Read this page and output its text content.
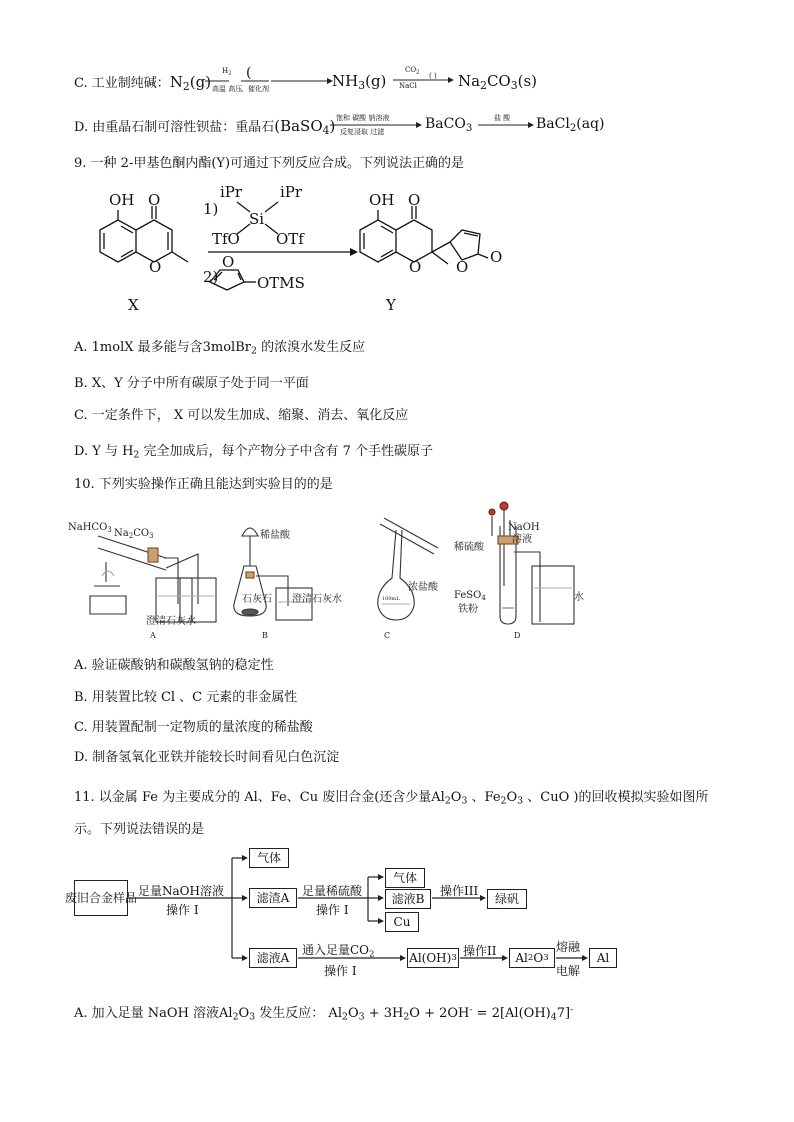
C. 工业制纯碱：$N_2(g)$
$H_2$
高温 高压
(
、催化剂	$NH_3(g)$
$CO_2$
NaCl
( ) $Na_2CO_3(s)$
D. 由重晶石制可溶性钡盐：重晶石(BaSO$_4$) 饱和 碳酸 钠溶液
反复浸取 过滤	BaCO$_3$
盐 酸 BaCl$_2$(aq)
9. 一种 2-甲基色酮内酯(Y)可通过下列反应合成。下列说法正确的是
OH O
O
X
1)
iPr	iPr
Si
TfO OTf
2)
O
OTMS
OH O
O O
O
Y
A. 1molX 最多能与含3molBr$_2$ 的浓溴水发生反应
B. X、Y 分子中所有碳原子处于同一平面
C. 一定条件下， X 可以发生加成、缩聚、消去、氧化反应
D. Y 与 $H_2$ 完全加成后，每个产物分子中含有 7 个手性碳原子
10. 下列实验操作正确且能达到实验目的的是
NaHCO$_3$ $Na_2CO_3$
澄清石灰水
A
稀盐酸
石灰石 澄清石灰水
B
浓盐酸
100mL
C
NaOH
溶液
稀硫酸
FeSO$_4$
铁粉
水
D
A. 验证碳酸钠和碳酸氢钠的稳定性
B. 用装置比较 Cl 、C 元素的非金属性
C. 用装置配制一定物质的量浓度的稀盐酸
D. 制备氢氧化亚铁并能较长时间看见白色沉淀
11. 以金属 Fe 为主要成分的 Al、Fe、Cu 废旧合金(还含少量$Al_2O_3$ 、$Fe_2O_3$ 、CuO )的回收模拟实验如图所
示。下列说法错误的是
废旧合金样品 足量NaOH溶液
操作 I
气体
滤渣A	足量稀硫酸
操作 I
气体
滤液B
Cu
操作III
绿矾
滤液A
通入足量$CO_2$
操作 I
Al(OH) 3 操作II Al 2 O 3
熔融
电解
Al
A. 加入足量 NaOH 溶液$Al_2O_3$ 发生反应： $Al_2O_3 + 3H_2O + 2OH^- = 2[Al(OH)_47]^-$
